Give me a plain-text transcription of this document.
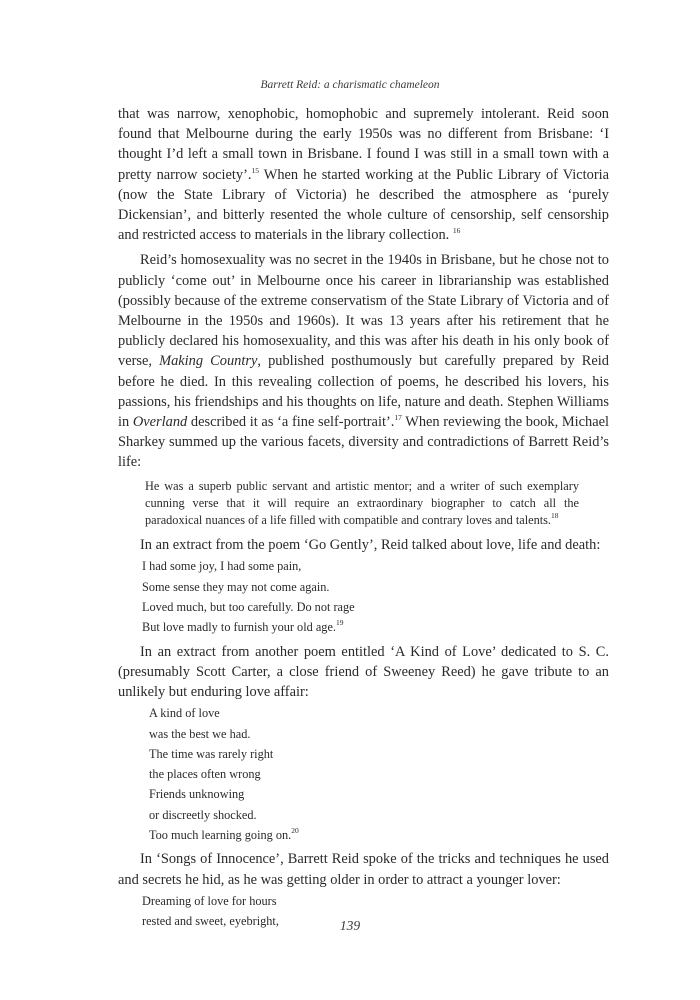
Barrett Reid: a charismatic chameleon

that was narrow, xenophobic, homophobic and supremely intolerant. Reid soon found that Melbourne during the early 1950s was no different from Brisbane: ‘I thought I’d left a small town in Brisbane. I found I was still in a small town with a pretty narrow society’.$^{15}$ When he started working at the Public Library of Victoria (now the State Library of Victoria) he described the atmosphere as ‘purely Dickensian’, and bitterly resented the whole culture of censorship, self censorship and restricted access to materials in the library collection. $^{16}$

Reid’s homosexuality was no secret in the 1940s in Brisbane, but he chose not to publicly ‘come out’ in Melbourne once his career in librarianship was established (possibly because of the extreme conservatism of the State Library of Victoria and of Melbourne in the 1950s and 1960s). It was 13 years after his retirement that he publicly declared his homosexuality, and this was after his death in his only book of verse, Making Country, published posthumously but carefully prepared by Reid before he died. In this revealing collection of poems, he described his lovers, his passions, his friendships and his thoughts on life, nature and death. Stephen Williams in Overland described it as ‘a fine self-portrait’.$^{17}$ When reviewing the book, Michael Sharkey summed up the various facets, diversity and contradictions of Barrett Reid’s life:

He was a superb public servant and artistic mentor; and a writer of such exemplary cunning verse that it will require an extraordinary biographer to catch all the paradoxical nuances of a life filled with compatible and contrary loves and talents.$^{18}$

In an extract from the poem ‘Go Gently’, Reid talked about love, life and death:

I had some joy, I had some pain,
Some sense they may not come again.
Loved much, but too carefully. Do not rage
But love madly to furnish your old age.$^{19}$

In an extract from another poem entitled ‘A Kind of Love’ dedicated to S. C. (presumably Scott Carter, a close friend of Sweeney Reed) he gave tribute to an unlikely but enduring love affair:

A kind of love
was the best we had.
The time was rarely right
the places often wrong
Friends unknowing
or discreetly shocked.
Too much learning going on.$^{20}$

In ‘Songs of Innocence’, Barrett Reid spoke of the tricks and techniques he used and secrets he hid, as he was getting older in order to attract a younger lover:

Dreaming of love for hours
rested and sweet, eyebright,	139
